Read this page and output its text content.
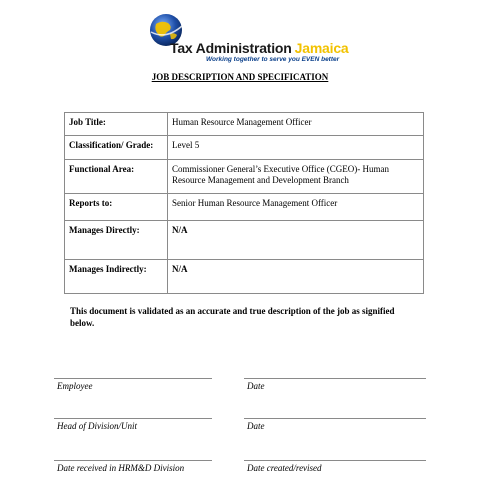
Tax Administration Jamaica
Working together to serve you EVEN better
JOB DESCRIPTION AND SPECIFICATION
Job Title:	Human Resource Management Officer
Classification/ Grade:	Level 5
Functional Area:	Commissioner General’s Executive Office (CGEO)- Human Resource Management and Development Branch
Reports to:	Senior Human Resource Management Officer
Manages Directly:	N/A
Manages Indirectly:	N/A
This document is validated as an accurate and true description of the job as signified below.
Employee	Date
Head of Division/Unit	Date
Date received in HRM&D Division	Date created/revised
